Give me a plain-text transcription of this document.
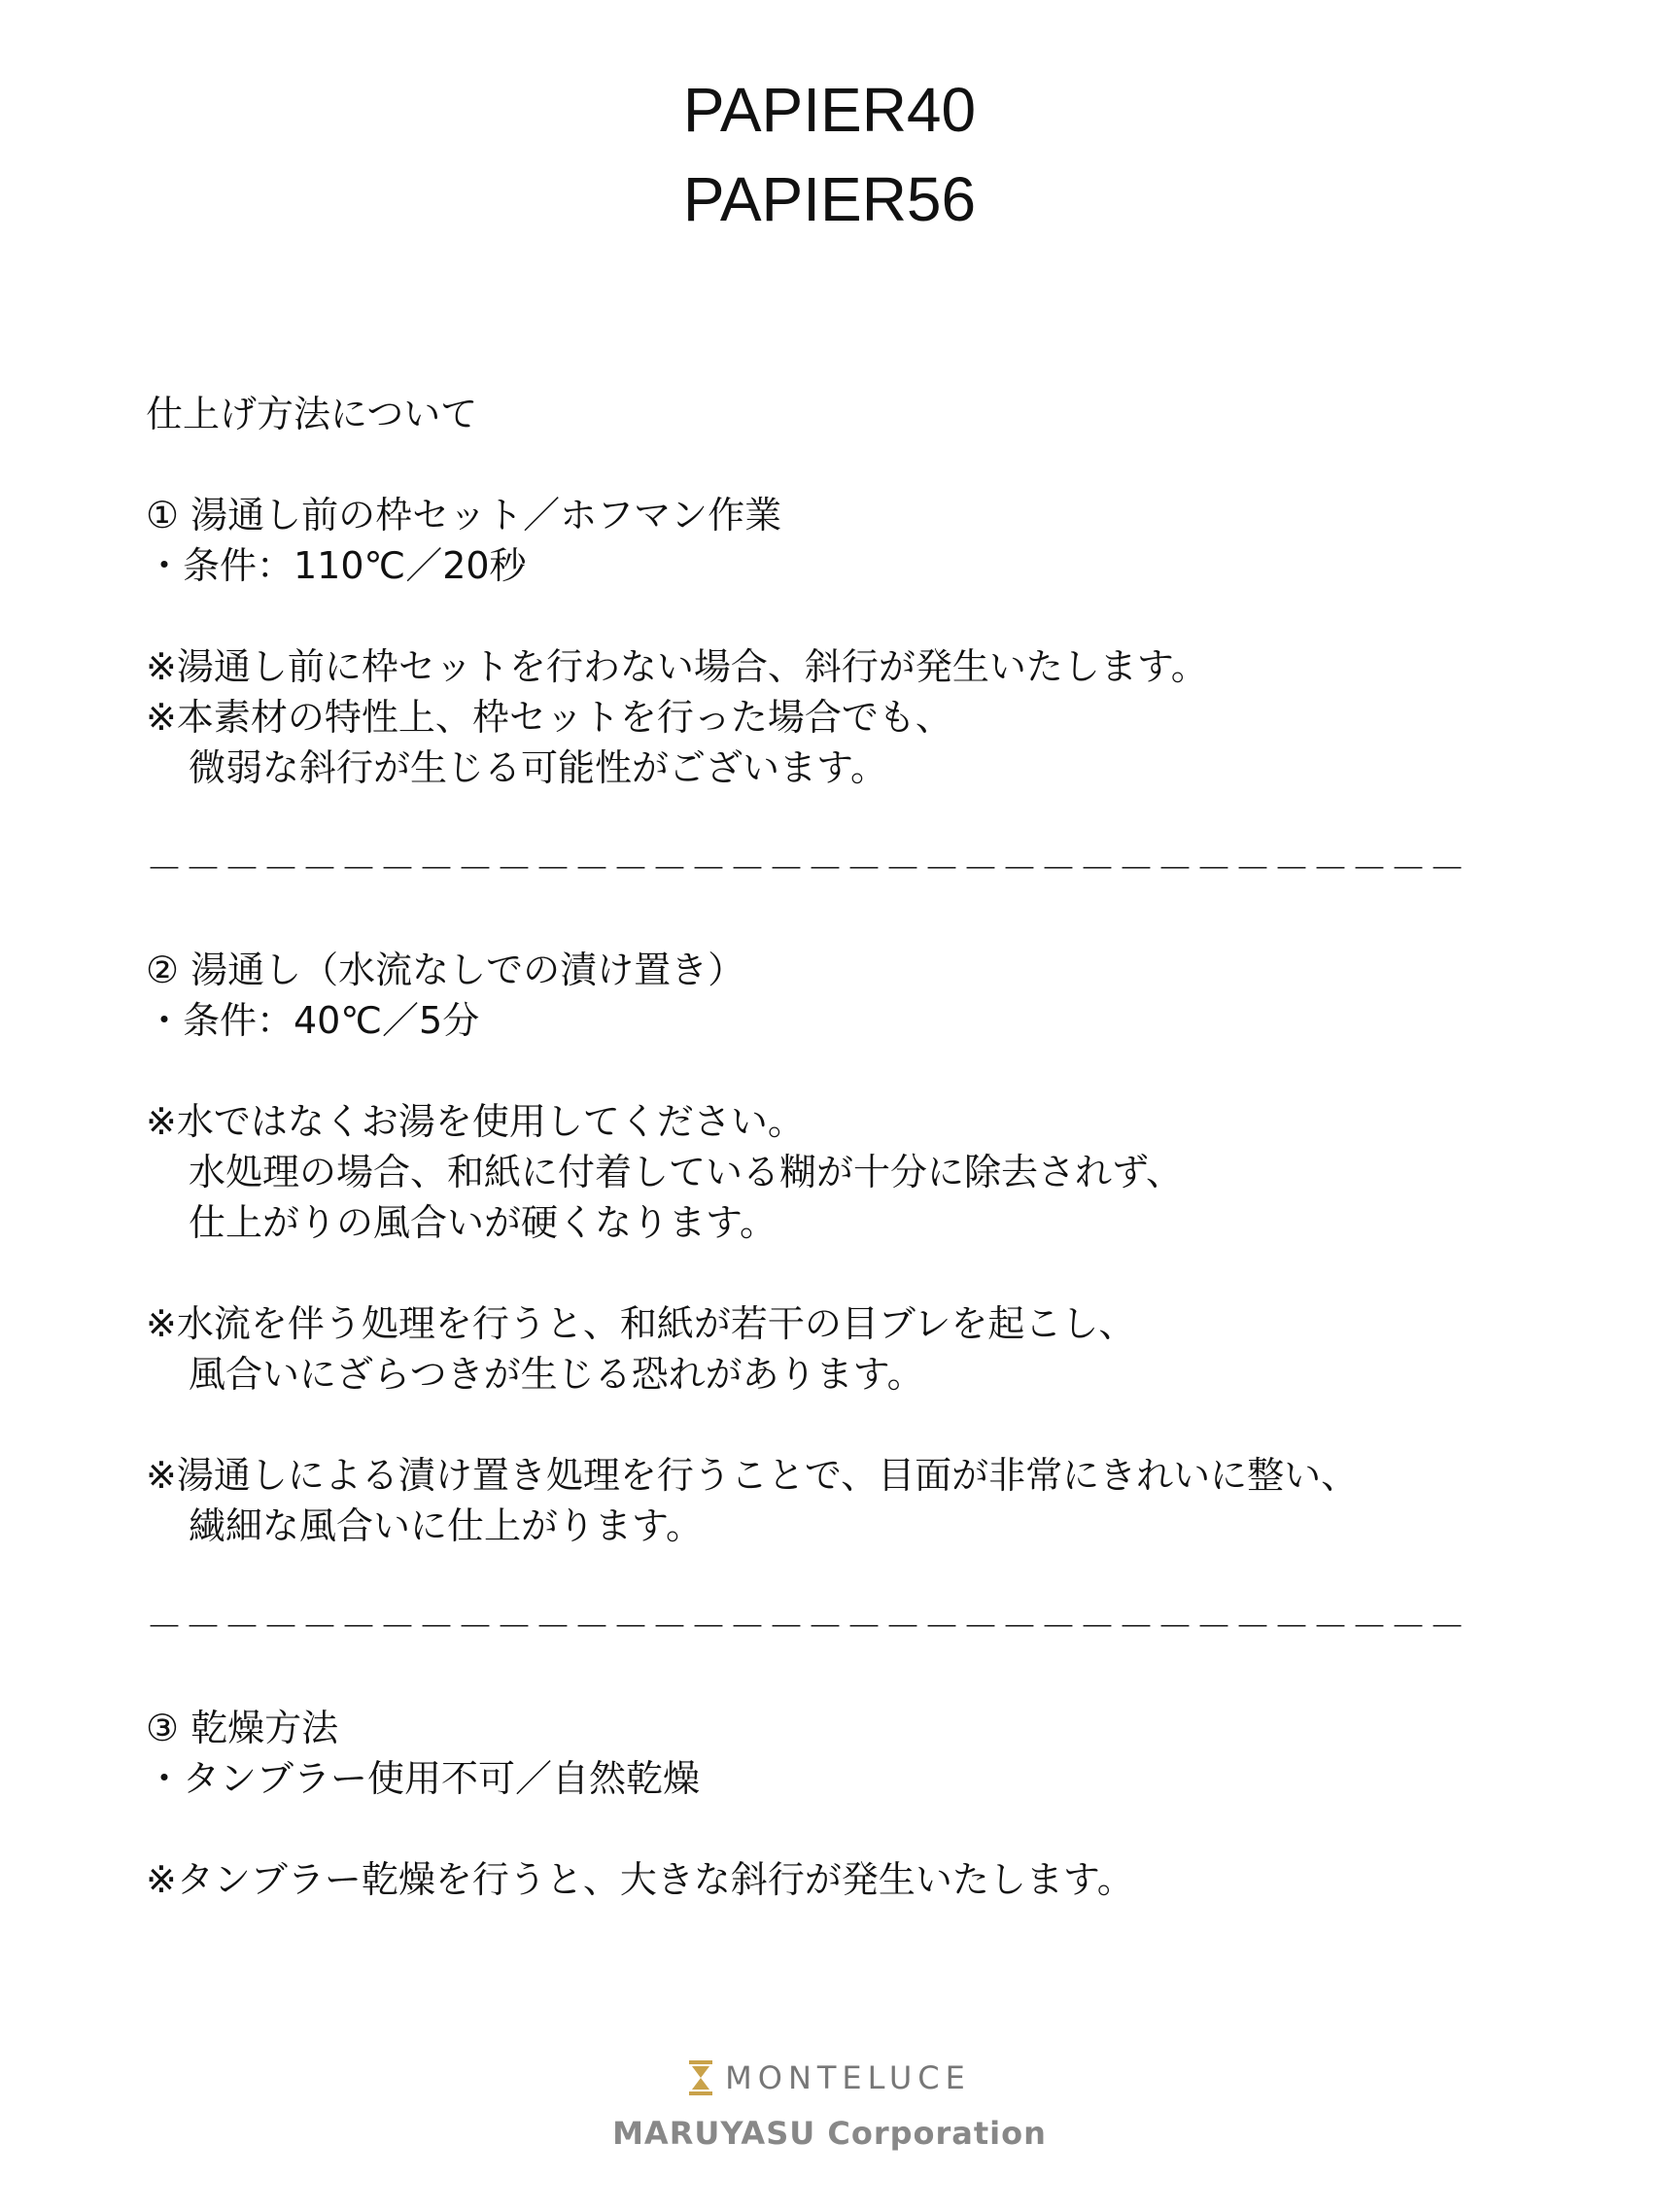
PAPIER40
PAPIER56
仕上げ方法について
① 湯通し前の枠セット／ホフマン作業
・条件：110℃／20秒
※湯通し前に枠セットを行わない場合、斜行が発生いたします。
※本素材の特性上、枠セットを行った場合でも、
微弱な斜行が生じる可能性がございます。
－－－－－－－－－－－－－－－－－－－－－－－－－－－－－－－－－－
② 湯通し（水流なしでの漬け置き）
・条件：40℃／5分
※水ではなくお湯を使用してください。
水処理の場合、和紙に付着している糊が十分に除去されず、
仕上がりの風合いが硬くなります。
※水流を伴う処理を行うと、和紙が若干の目ブレを起こし、
風合いにざらつきが生じる恐れがあります。
※湯通しによる漬け置き処理を行うことで、目面が非常にきれいに整い、
繊細な風合いに仕上がります。
－－－－－－－－－－－－－－－－－－－－－－－－－－－－－－－－－－
③ 乾燥方法
・タンブラー使用不可／自然乾燥
※タンブラー乾燥を行うと、大きな斜行が発生いたします。
MONTELUCE
MARUYASU Corporation
